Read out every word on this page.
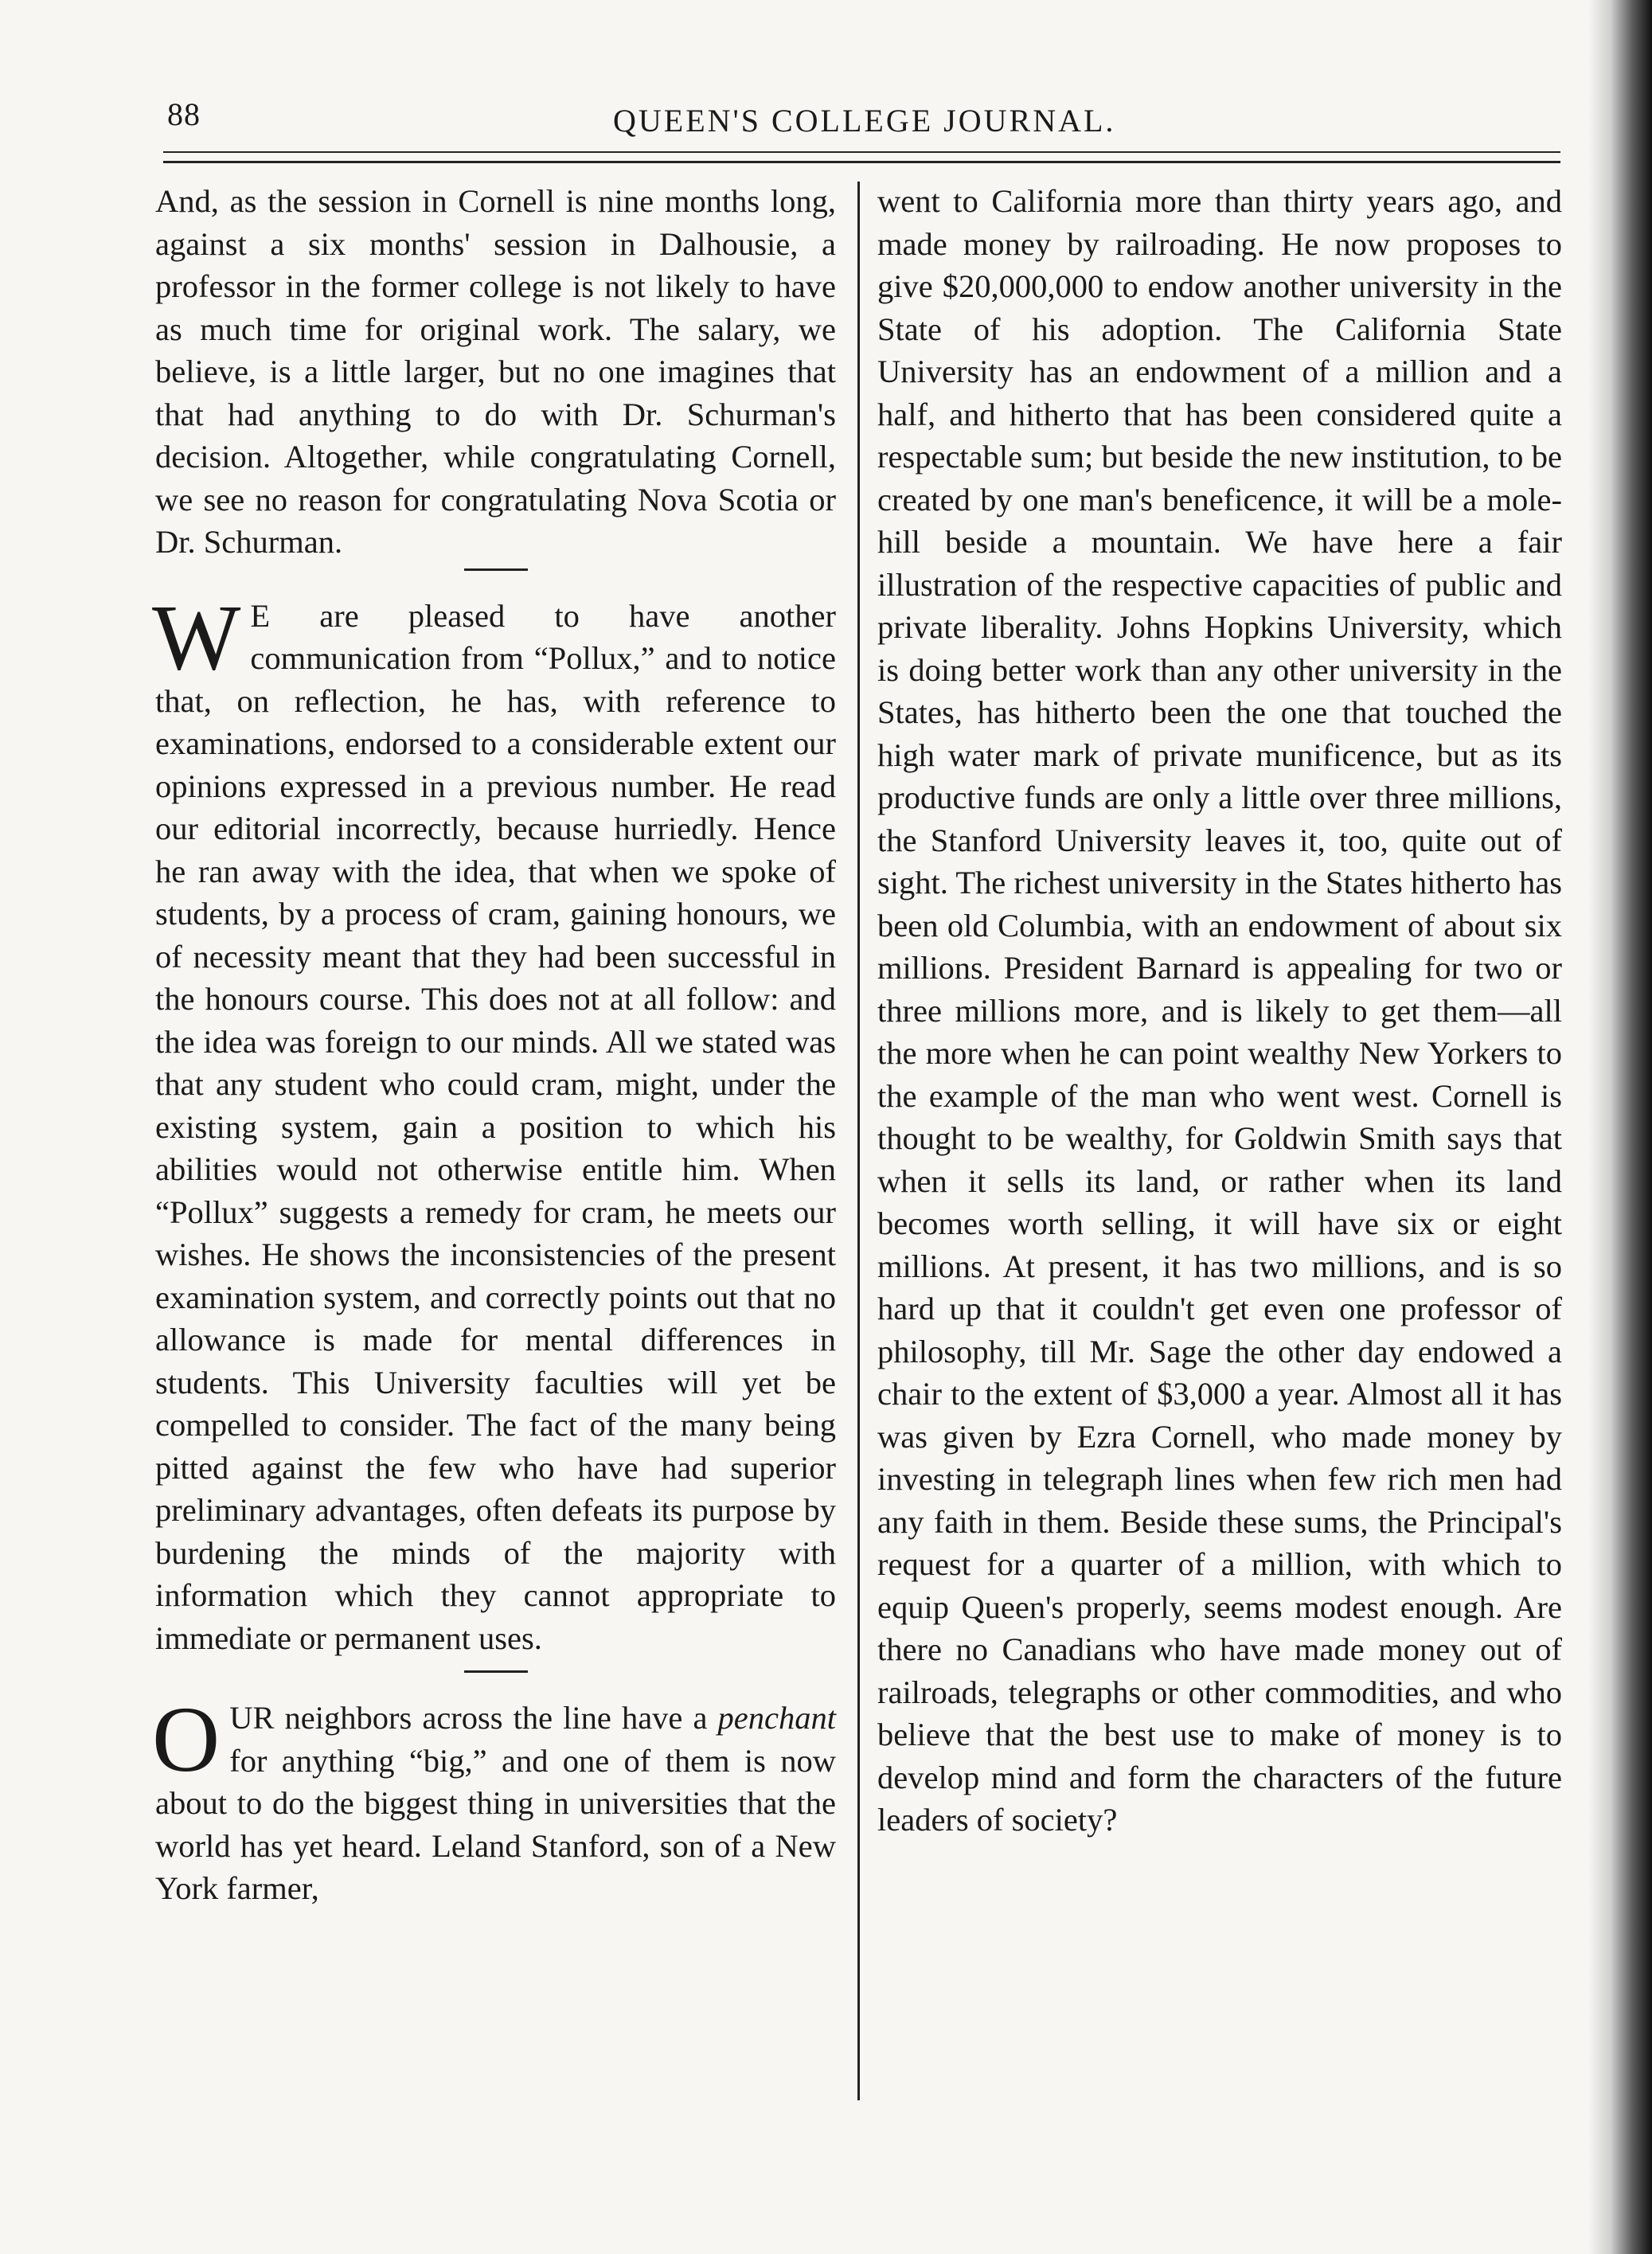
88	QUEEN'S COLLEGE JOURNAL.

And, as the session in Cornell is nine months long, against a six months' session in Dalhousie, a professor in the former college is not likely to have as much time for original work. The salary, we believe, is a little larger, but no one imagines that that had anything to do with Dr. Schurman's decision. Altogether, while congratulating Cornell, we see no reason for congratulating Nova Scotia or Dr. Schurman.

W E are pleased to have another communication from “Pollux,” and to notice that, on reflection, he has, with reference to examinations, endorsed to a considerable extent our opinions expressed in a previous number. He read our editorial incorrectly, because hurriedly. Hence he ran away with the idea, that when we spoke of students, by a process of cram, gaining honours, we of necessity meant that they had been successful in the honours course. This does not at all follow: and the idea was foreign to our minds. All we stated was that any student who could cram, might, under the existing system, gain a position to which his abilities would not otherwise entitle him. When “Pollux” suggests a remedy for cram, he meets our wishes. He shows the inconsistencies of the present examination system, and correctly points out that no allowance is made for mental differences in students. This University faculties will yet be compelled to consider. The fact of the many being pitted against the few who have had superior preliminary advantages, often defeats its purpose by burdening the minds of the majority with information which they cannot appropriate to immediate or permanent uses.

OUR neighbors across the line have a penchant for anything “big,” and one of them is now about to do the biggest thing in universities that the world has yet heard. Leland Stanford, son of a New York farmer,

went to California more than thirty years ago, and made money by railroading. He now proposes to give $20,000,000 to endow another university in the State of his adoption. The California State University has an endowment of a million and a half, and hitherto that has been considered quite a respectable sum; but beside the new institution, to be created by one man's beneficence, it will be a mole-hill beside a mountain. We have here a fair illustration of the respective capacities of public and private liberality. Johns Hopkins University, which is doing better work than any other university in the States, has hitherto been the one that touched the high water mark of private munificence, but as its productive funds are only a little over three millions, the Stanford University leaves it, too, quite out of sight. The richest university in the States hitherto has been old Columbia, with an endowment of about six millions. President Barnard is appealing for two or three millions more, and is likely to get them—all the more when he can point wealthy New Yorkers to the example of the man who went west. Cornell is thought to be wealthy, for Goldwin Smith says that when it sells its land, or rather when its land becomes worth selling, it will have six or eight millions. At present, it has two millions, and is so hard up that it couldn't get even one professor of philosophy, till Mr. Sage the other day endowed a chair to the extent of $3,000 a year. Almost all it has was given by Ezra Cornell, who made money by investing in telegraph lines when few rich men had any faith in them. Beside these sums, the Principal's request for a quarter of a million, with which to equip Queen's properly, seems modest enough. Are there no Canadians who have made money out of railroads, telegraphs or other commodities, and who believe that the best use to make of money is to develop mind and form the characters of the future leaders of society?
